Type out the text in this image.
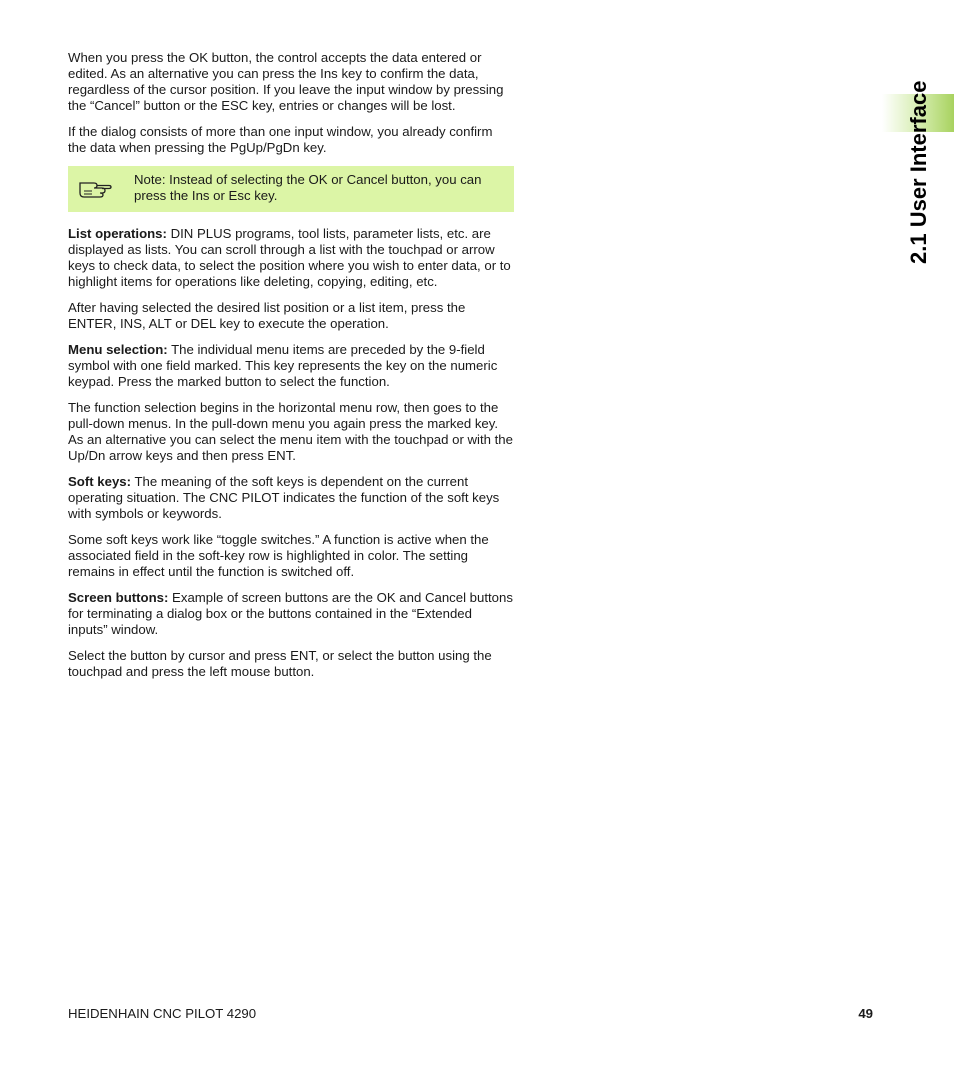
2.1 User Interface

When you press the OK button, the control accepts the data entered or edited. As an alternative you can press the Ins key to confirm the data, regardless of the cursor position. If you leave the input window by pressing the “Cancel” button or the ESC key, entries or changes will be lost.

If the dialog consists of more than one input window, you already confirm the data when pressing the PgUp/PgDn key.

Note: Instead of selecting the OK or Cancel button, you can press the Ins or Esc key.

List operations: DIN PLUS programs, tool lists, parameter lists, etc. are displayed as lists. You can scroll through a list with the touchpad or arrow keys to check data, to select the position where you wish to enter data, or to highlight items for operations like deleting, copying, editing, etc.

After having selected the desired list position or a list item, press the ENTER, INS, ALT or DEL key to execute the operation.

Menu selection: The individual menu items are preceded by the 9-field symbol with one field marked. This key represents the key on the numeric keypad. Press the marked button to select the function.

The function selection begins in the horizontal menu row, then goes to the pull-down menus. In the pull-down menu you again press the marked key. As an alternative you can select the menu item with the touchpad or with the Up/Dn arrow keys and then press ENT.

Soft keys: The meaning of the soft keys is dependent on the current operating situation. The CNC PILOT indicates the function of the soft keys with symbols or keywords.

Some soft keys work like “toggle switches.” A function is active when the associated field in the soft-key row is highlighted in color. The setting remains in effect until the function is switched off.

Screen buttons: Example of screen buttons are the OK and Cancel buttons for terminating a dialog box or the buttons contained in the “Extended inputs” window.

Select the button by cursor and press ENT, or select the button using the touchpad and press the left mouse button.

HEIDENHAIN CNC PILOT 4290	49
